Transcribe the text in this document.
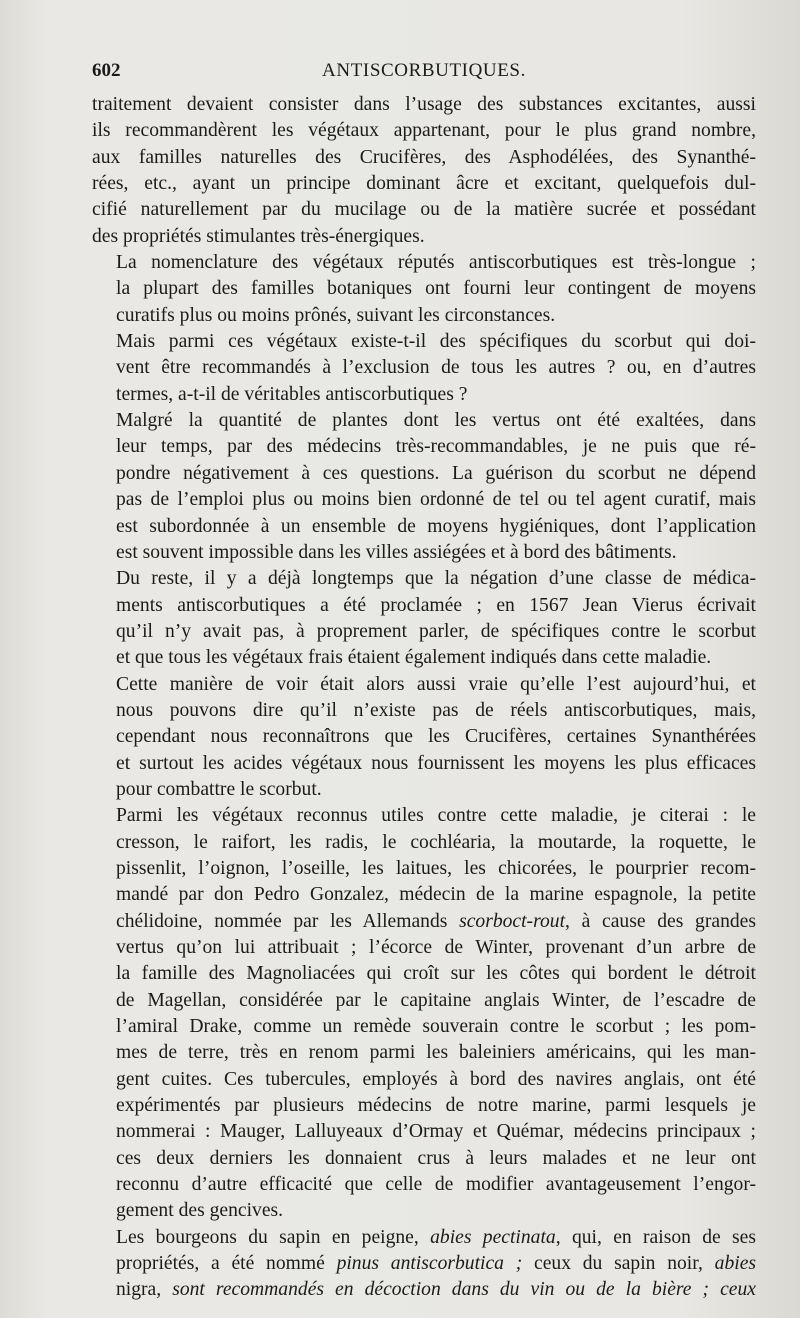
602	ANTISCORBUTIQUES.

traitement devaient consister dans l’usage des substances excitantes, aussi
ils recommandèrent les végétaux appartenant, pour le plus grand nombre,
aux familles naturelles des Crucifères, des Asphodélées, des Synanthé-
rées, etc., ayant un principe dominant âcre et excitant, quelquefois dul-
cifié naturellement par du mucilage ou de la matière sucrée et possédant
des propriétés stimulantes très-énergiques.

La nomenclature des végétaux réputés antiscorbutiques est très-longue ;
la plupart des familles botaniques ont fourni leur contingent de moyens
curatifs plus ou moins prônés, suivant les circonstances.

Mais parmi ces végétaux existe-t-il des spécifiques du scorbut qui doi-
vent être recommandés à l’exclusion de tous les autres ? ou, en d’autres
termes, a-t-il de véritables antiscorbutiques ?

Malgré la quantité de plantes dont les vertus ont été exaltées, dans
leur temps, par des médecins très-recommandables, je ne puis que ré-
pondre négativement à ces questions. La guérison du scorbut ne dépend
pas de l’emploi plus ou moins bien ordonné de tel ou tel agent curatif, mais
est subordonnée à un ensemble de moyens hygiéniques, dont l’application
est souvent impossible dans les villes assiégées et à bord des bâtiments.

Du reste, il y a déjà longtemps que la négation d’une classe de médica-
ments antiscorbutiques a été proclamée ; en 1567 Jean Vierus écrivait
qu’il n’y avait pas, à proprement parler, de spécifiques contre le scorbut
et que tous les végétaux frais étaient également indiqués dans cette maladie.

Cette manière de voir était alors aussi vraie qu’elle l’est aujourd’hui, et
nous pouvons dire qu’il n’existe pas de réels antiscorbutiques, mais,
cependant nous reconnaîtrons que les Crucifères, certaines Synanthérées
et surtout les acides végétaux nous fournissent les moyens les plus efficaces
pour combattre le scorbut.

Parmi les végétaux reconnus utiles contre cette maladie, je citerai : le
cresson, le raifort, les radis, le cochléaria, la moutarde, la roquette, le
pissenlit, l’oignon, l’oseille, les laitues, les chicorées, le pourprier recom-
mandé par don Pedro Gonzalez, médecin de la marine espagnole, la petite
chélidoine, nommée par les Allemands scorboct-rout, à cause des grandes
vertus qu’on lui attribuait ; l’écorce de Winter, provenant d’un arbre de
la famille des Magnoliacées qui croît sur les côtes qui bordent le détroit
de Magellan, considérée par le capitaine anglais Winter, de l’escadre de
l’amiral Drake, comme un remède souverain contre le scorbut ; les pom-
mes de terre, très en renom parmi les baleiniers américains, qui les man-
gent cuites. Ces tubercules, employés à bord des navires anglais, ont été
expérimentés par plusieurs médecins de notre marine, parmi lesquels je
nommerai : Mauger, Lalluyeaux d’Ormay et Quémar, médecins principaux ;
ces deux derniers les donnaient crus à leurs malades et ne leur ont
reconnu d’autre efficacité que celle de modifier avantageusement l’engor-
gement des gencives.

Les bourgeons du sapin en peigne, abies pectinata, qui, en raison de ses
propriétés, a été nommé pinus antiscorbutica ; ceux du sapin noir, abies
nigra, sont recommandés en décoction dans du vin ou de la bière ; ceux
